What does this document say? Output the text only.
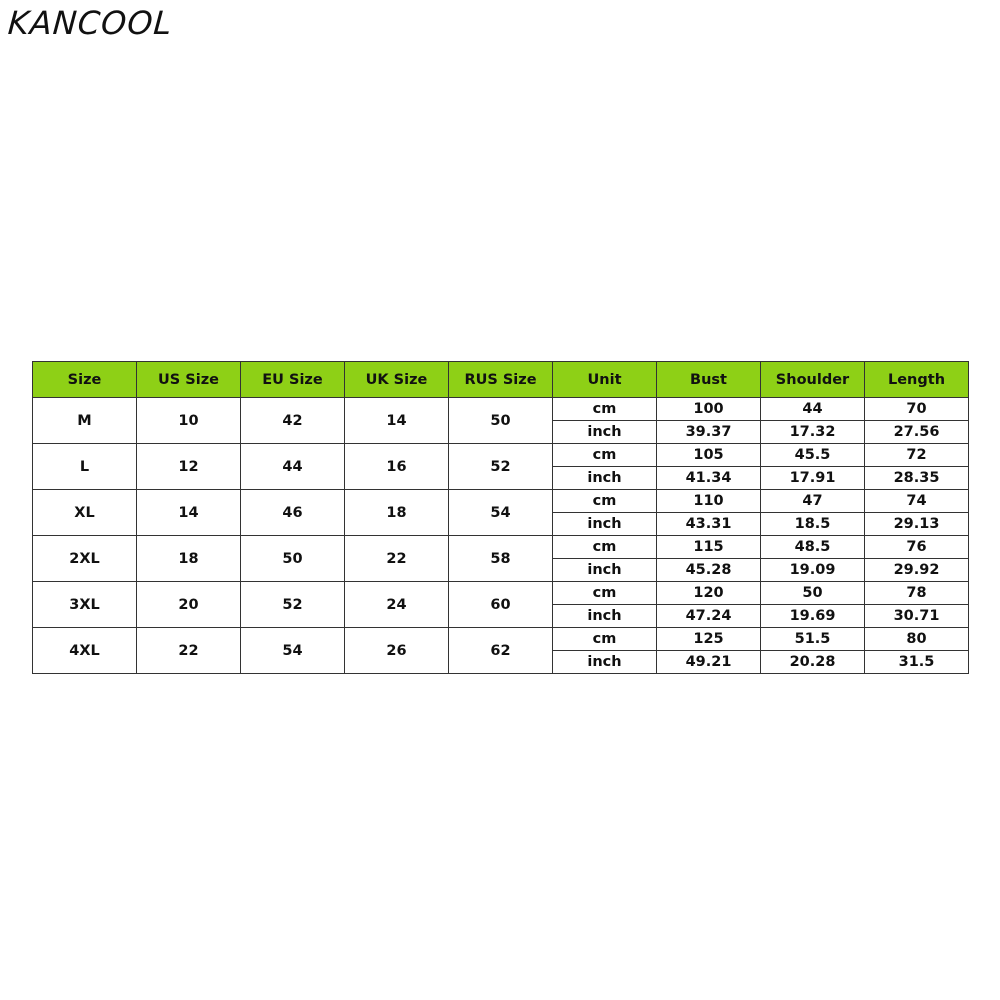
KANCOOL
Size	US Size	EU Size	UK Size	RUS Size	Unit	Bust	Shoulder	Length
M	10	42	14	50	cm	100	44	70
					inch	39.37	17.32	27.56
L	12	44	16	52	cm	105	45.5	72
					inch	41.34	17.91	28.35
XL	14	46	18	54	cm	110	47	74
					inch	43.31	18.5	29.13
2XL	18	50	22	58	cm	115	48.5	76
					inch	45.28	19.09	29.92
3XL	20	52	24	60	cm	120	50	78
					inch	47.24	19.69	30.71
4XL	22	54	26	62	cm	125	51.5	80
					inch	49.21	20.28	31.5
